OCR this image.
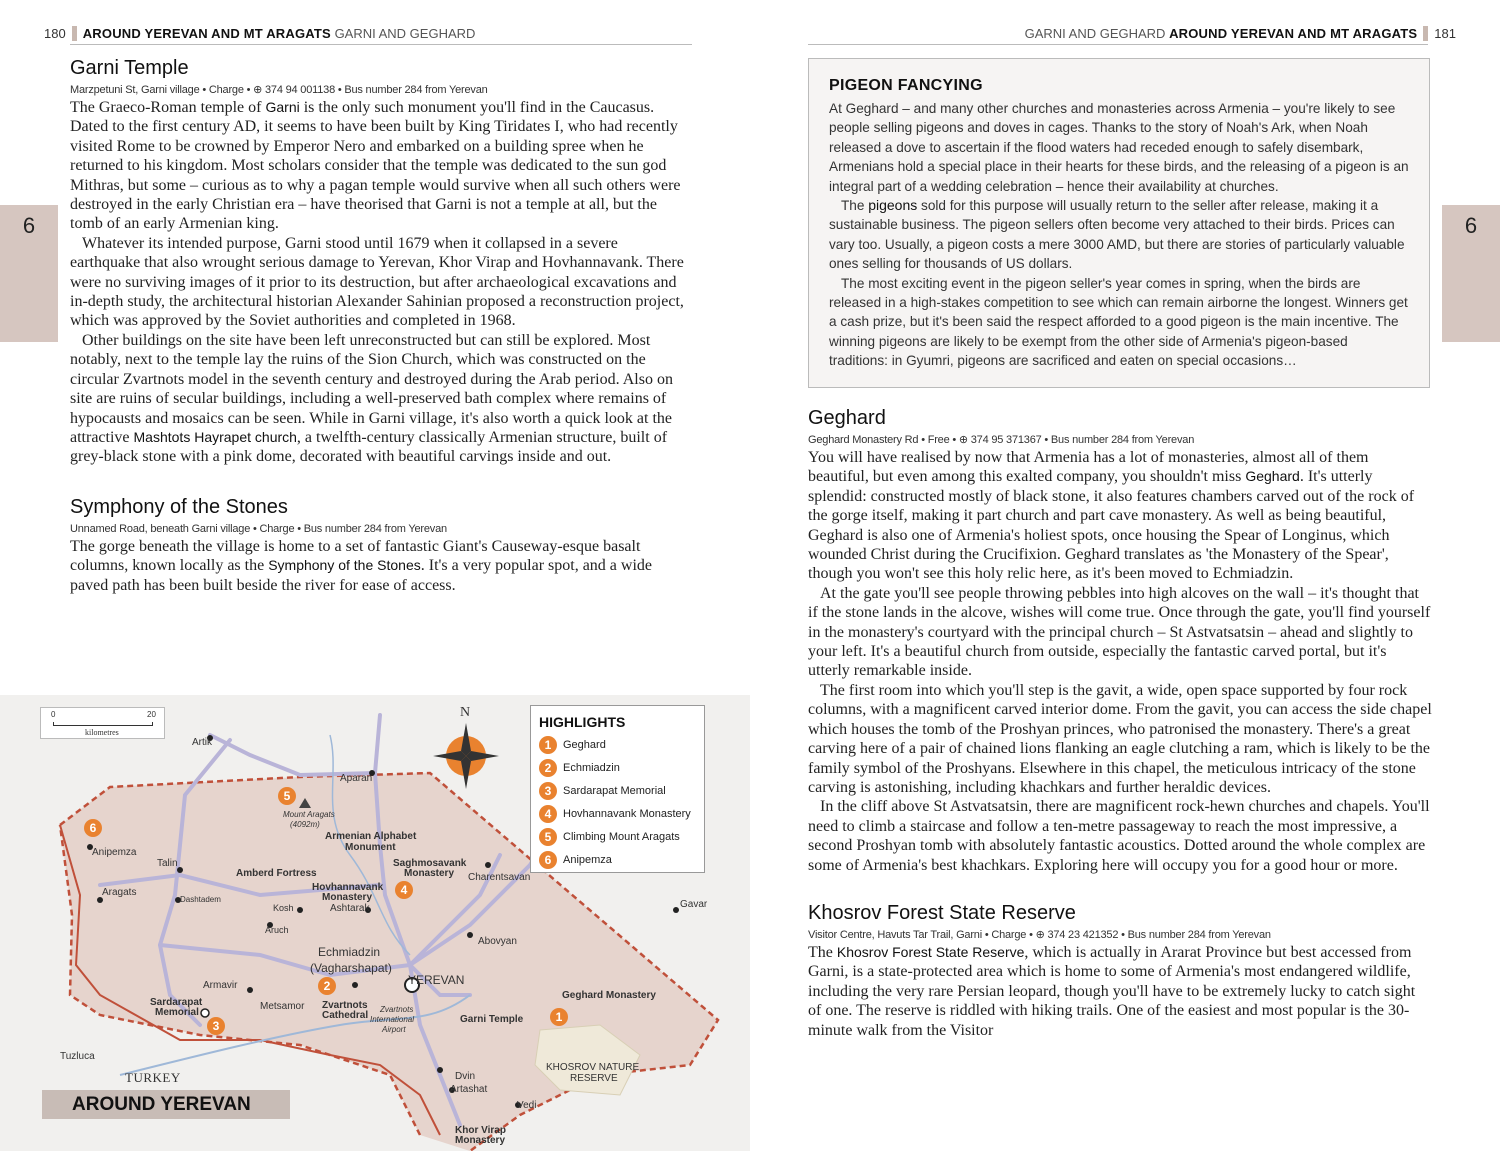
180 AROUND YEREVAN AND MT ARAGATS GARNI AND GEGHARD	GARNI AND GEGHARD AROUND YEREVAN AND MT ARAGATS 181
6	6
Garni Temple
Marzpetuni St, Garni village • Charge • ⊕ 374 94 001138 • Bus number 284 from Yerevan

The Graeco-Roman temple of Garni is the only such monument you'll find in the Caucasus. Dated to the first century AD, it seems to have been built by King Tiridates I, who had recently visited Rome to be crowned by Emperor Nero and embarked on a building spree when he returned to his kingdom. Most scholars consider that the temple was dedicated to the sun god Mithras, but some – curious as to why a pagan temple would survive when all such others were destroyed in the early Christian era – have theorised that Garni is not a temple at all, but the tomb of an early Armenian king.

Whatever its intended purpose, Garni stood until 1679 when it collapsed in a severe earthquake that also wrought serious damage to Yerevan, Khor Virap and Hovhannavank. There were no surviving images of it prior to its destruction, but after archaeological excavations and in-depth study, the architectural historian Alexander Sahinian proposed a reconstruction project, which was approved by the Soviet authorities and completed in 1968.

Other buildings on the site have been left unreconstructed but can still be explored. Most notably, next to the temple lay the ruins of the Sion Church, which was constructed on the circular Zvartnots model in the seventh century and destroyed during the Arab period. Also on site are ruins of secular buildings, including a well-preserved bath complex where remains of hypocausts and mosaics can be seen. While in Garni village, it's also worth a quick look at the attractive Mashtots Hayrapet church, a twelfth-century classically Armenian structure, built of grey-black stone with a pink dome, decorated with beautiful carvings inside and out.

Symphony of the Stones
Unnamed Road, beneath Garni village • Charge • Bus number 284 from Yerevan

The gorge beneath the village is home to a set of fantastic Giant's Causeway-esque basalt columns, known locally as the Symphony of the Stones. It's a very popular spot, and a wide paved path has been built beside the river for ease of access.

PIGEON FANCYING

At Geghard – and many other churches and monasteries across Armenia – you're likely to see people selling pigeons and doves in cages. Thanks to the story of Noah's Ark, when Noah released a dove to ascertain if the flood waters had receded enough to safely disembark, Armenians hold a special place in their hearts for these birds, and the releasing of a pigeon is an integral part of a wedding celebration – hence their availability at churches.

The pigeons sold for this purpose will usually return to the seller after release, making it a sustainable business. The pigeon sellers often become very attached to their birds. Prices can vary too. Usually, a pigeon costs a mere 3000 AMD, but there are stories of particularly valuable ones selling for thousands of US dollars.

The most exciting event in the pigeon seller's year comes in spring, when the birds are released in a high-stakes competition to see which can remain airborne the longest. Winners get a cash prize, but it's been said the respect afforded to a good pigeon is the main incentive. The winning pigeons are likely to be exempt from the other side of Armenia's pigeon-based traditions: in Gyumri, pigeons are sacrificed and eaten on special occasions…

Geghard
Geghard Monastery Rd • Free • ⊕ 374 95 371367 • Bus number 284 from Yerevan

You will have realised by now that Armenia has a lot of monasteries, almost all of them beautiful, but even among this exalted company, you shouldn't miss Geghard. It's utterly splendid: constructed mostly of black stone, it also features chambers carved out of the rock of the gorge itself, making it part church and part cave monastery. As well as being beautiful, Geghard is also one of Armenia's holiest spots, once housing the Spear of Longinus, which wounded Christ during the Crucifixion. Geghard translates as 'the Monastery of the Spear', though you won't see this holy relic here, as it's been moved to Echmiadzin.

At the gate you'll see people throwing pebbles into high alcoves on the wall – it's thought that if the stone lands in the alcove, wishes will come true. Once through the gate, you'll find yourself in the monastery's courtyard with the principal church – St Astvatsatsin – ahead and slightly to your left. It's a beautiful church from outside, especially the fantastic carved portal, but it's utterly remarkable inside.

The first room into which you'll step is the gavit, a wide, open space supported by four rock columns, with a magnificent carved interior dome. From the gavit, you can access the side chapel which houses the tomb of the Proshyan princes, who patronised the monastery. There's a great carving here of a pair of chained lions flanking an eagle clutching a ram, which is likely to be the family symbol of the Proshyans. Elsewhere in this chapel, the meticulous intricacy of the stone carving is astonishing, including khachkars and further heraldic devices.

In the cliff above St Astvatsatsin, there are magnificent rock-hewn churches and chapels. You'll need to climb a staircase and follow a ten-metre passageway to reach the most impressive, a second Proshyan tomb with absolutely fantastic acoustics. Dotted around the whole complex are some of Armenia's best khachkars. Exploring here will occupy you for a good hour or more.

Khosrov Forest State Reserve
Visitor Centre, Havuts Tar Trail, Garni • Charge • ⊕ 374 23 421352 • Bus number 284 from Yerevan

The Khosrov Forest State Reserve, which is actually in Ararat Province but best accessed from Garni, is a state-protected area which is home to some of Armenia's most endangered wildlife, including the very rare Persian leopard, though you'll have to be extremely lucky to catch sight of one. The reserve is riddled with hiking trails. One of the easiest and most popular is the 30-minute walk from the Visitor

0	20
kilometres
N
Artik
Aparan
Mount Aragats
(4092m)
Armenian Alphabet
Monument
Anipemza
Talin
Amberd Fortress
Saghmosavank
Monastery Charentsavan
Aragats
Dashtadem
Hovhannavank
Monastery
Ashtarak
Kosh	Gavar
Aruch
Abovyan
Echmiadzin
(Vagharshapat)
YEREVAN
Armavir
Geghard Monastery
Sardarapat
Memorial
Metsamor Zvartnots
Cathedral
Zvartnots
International
Airport
Garni Temple
Tuzluca
KHOSROV NATURE
RESERVE
TURKEY	Dvin
Artashat
Vedi
Khor Virap
Monastery
5
6
4
2
3
1
HIGHLIGHTS
1	Geghard
2	Echmiadzin
3	Sardarapat Memorial
4	Hovhannavank Monastery
5	Climbing Mount Aragats
6	Anipemza
AROUND YEREVAN
